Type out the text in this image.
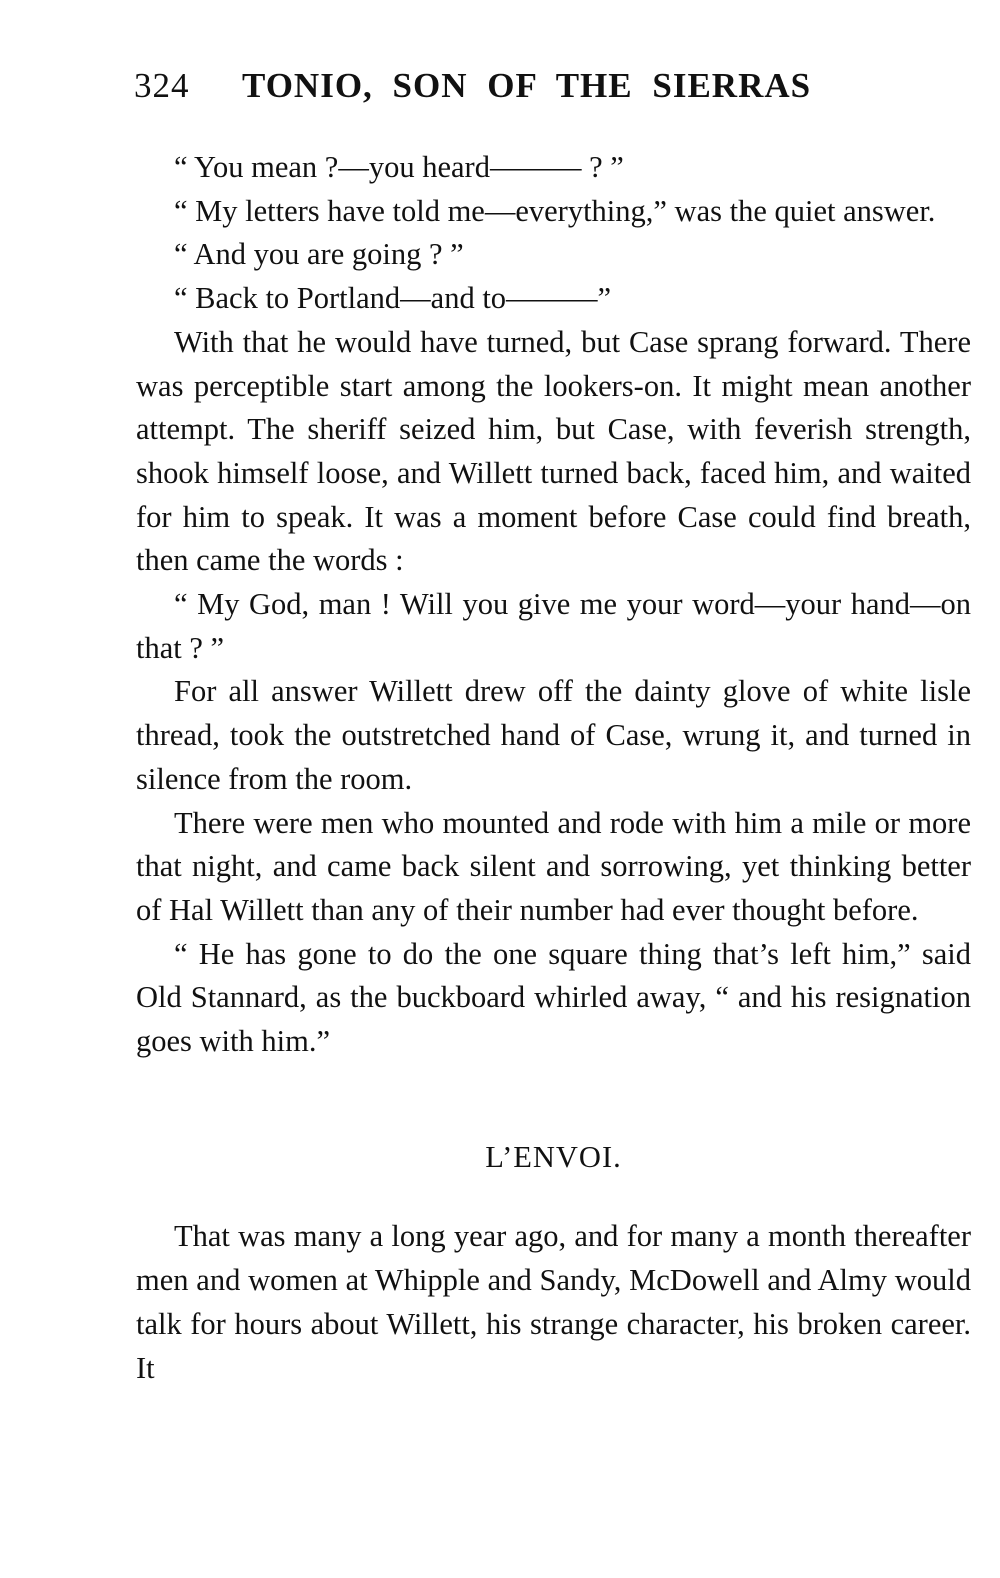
324 TONIO, SON OF THE SIERRAS

“ You mean ?—you heard——— ? ”

“ My letters have told me—everything,” was the quiet answer.

“ And you are going ? ”

“ Back to Portland—and to———”

With that he would have turned, but Case sprang forward. There was perceptible start among the lookers-on. It might mean another attempt. The sheriff seized him, but Case, with feverish strength, shook himself loose, and Willett turned back, faced him, and waited for him to speak. It was a moment before Case could find breath, then came the words :

“ My God, man ! Will you give me your word—your hand—on that ? ”

For all answer Willett drew off the dainty glove of white lisle thread, took the outstretched hand of Case, wrung it, and turned in silence from the room.

There were men who mounted and rode with him a mile or more that night, and came back silent and sorrowing, yet thinking better of Hal Willett than any of their number had ever thought before.

“ He has gone to do the one square thing that’s left him,” said Old Stannard, as the buckboard whirled away, “ and his resignation goes with him.”

L’ENVOI.

That was many a long year ago, and for many a month thereafter men and women at Whipple and Sandy, McDowell and Almy would talk for hours about Willett, his strange character, his broken career. It
